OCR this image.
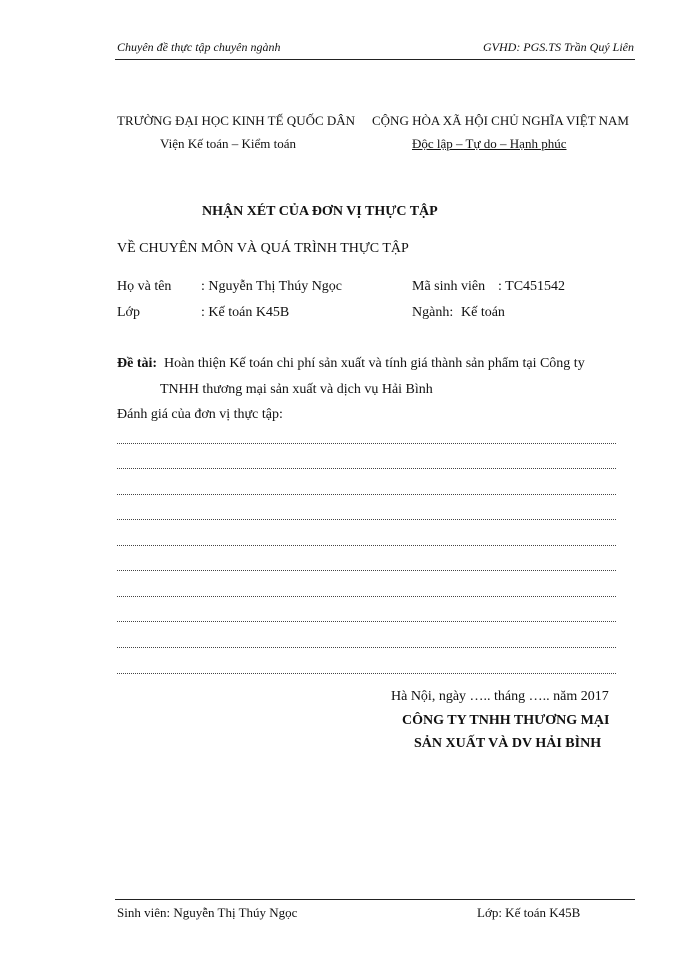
Chuyên đề thực tập chuyên ngành	GVHD: PGS.TS Trần Quý Liên
TRƯỜNG ĐẠI HỌC KINH TẾ QUỐC DÂN
Viện Kế toán – Kiểm toán
CỘNG HÒA XÃ HỘI CHỦ NGHĨA VIỆT NAM
Độc lập – Tự do – Hạnh phúc
NHẬN XÉT CỦA ĐƠN VỊ THỰC TẬP
VỀ CHUYÊN MÔN VÀ QUÁ TRÌNH THỰC TẬP
Họ và tên : Nguyễn Thị Thúy Ngọc	Mã sinh viên : TC451542
Lớp	: Kế toán K45B	Ngành: Kế toán
Đề tài: Hoàn thiện Kế toán chi phí sản xuất và tính giá thành sản phẩm tại Công ty
TNHH thương mại sản xuất và dịch vụ Hải Bình
Đánh giá của đơn vị thực tập:
Hà Nội, ngày ….. tháng ….. năm 2017
CÔNG TY TNHH THƯƠNG MẠI
SẢN XUẤT VÀ DV HẢI BÌNH
Sinh viên: Nguyễn Thị Thúy Ngọc	Lớp: Kế toán K45B
